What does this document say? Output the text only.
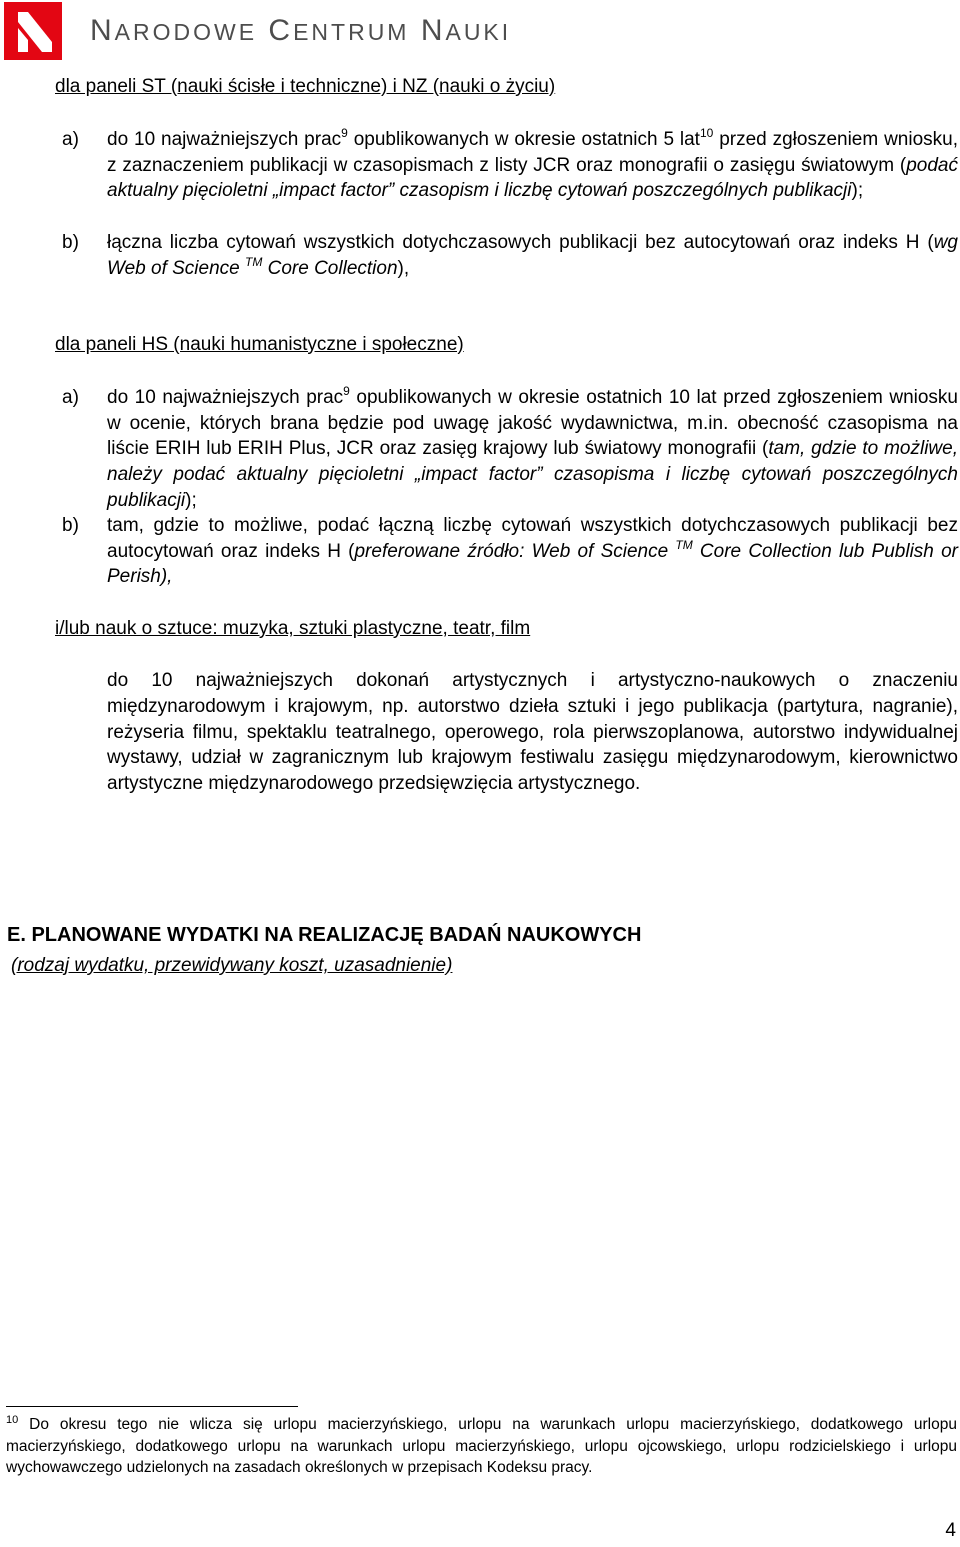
NARODOWE CENTRUM NAUKI
dla paneli ST (nauki ścisłe i techniczne) i NZ (nauki o życiu)
a) do 10 najważniejszych prac$^9$ opublikowanych w okresie ostatnich 5 lat$^{10}$ przed zgłoszeniem wniosku, z zaznaczeniem publikacji w czasopismach z listy JCR oraz monografii o zasięgu światowym (podać aktualny pięcioletni „impact factor” czasopism i liczbę cytowań poszczególnych publikacji);
b) łączna liczba cytowań wszystkich dotychczasowych publikacji bez autocytowań oraz indeks H (wg Web of Science ™ Core Collection),
dla paneli HS (nauki humanistyczne i społeczne)
a) do 10 najważniejszych prac$^9$ opublikowanych w okresie ostatnich 10 lat przed zgłoszeniem wniosku w ocenie, których brana będzie pod uwagę jakość wydawnictwa, m.in. obecność czasopisma na liście ERIH lub ERIH Plus, JCR oraz zasięg krajowy lub światowy monografii (tam, gdzie to możliwe, należy podać aktualny pięcioletni „impact factor” czasopisma i liczbę cytowań poszczególnych publikacji);
b) tam, gdzie to możliwe, podać łączną liczbę cytowań wszystkich dotychczasowych publikacji bez autocytowań oraz indeks H (preferowane źródło: Web of Science ™ Core Collection lub Publish or Perish),
i/lub nauk o sztuce: muzyka, sztuki plastyczne, teatr, film
do 10 najważniejszych dokonań artystycznych i artystyczno-naukowych o znaczeniu międzynarodowym i krajowym, np. autorstwo dzieła sztuki i jego publikacja (partytura, nagranie), reżyseria filmu, spektaklu teatralnego, operowego, rola pierwszoplanowa, autorstwo indywidualnej wystawy, udział w zagranicznym lub krajowym festiwalu zasięgu międzynarodowym, kierownictwo artystyczne międzynarodowego przedsięwzięcia artystycznego.
E. PLANOWANE WYDATKI NA REALIZACJĘ BADAŃ NAUKOWYCH
(rodzaj wydatku, przewidywany koszt, uzasadnienie)
$^{10}$ Do okresu tego nie wlicza się urlopu macierzyńskiego, urlopu na warunkach urlopu macierzyńskiego, dodatkowego urlopu macierzyńskiego, dodatkowego urlopu na warunkach urlopu macierzyńskiego, urlopu ojcowskiego, urlopu rodzicielskiego i urlopu wychowawczego udzielonych na zasadach określonych w przepisach Kodeksu pracy.
4
